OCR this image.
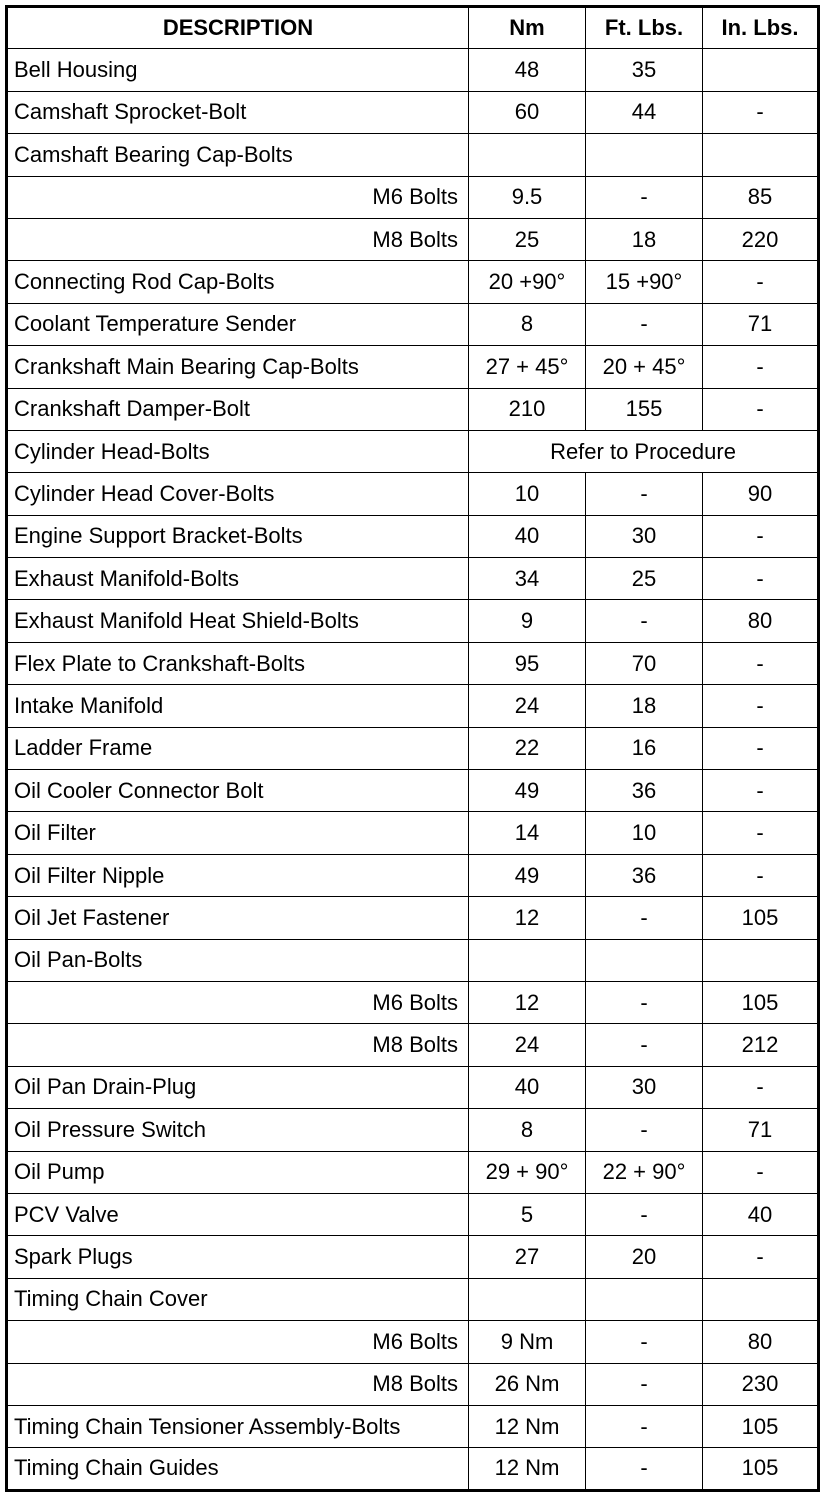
DESCRIPTION	Nm	Ft. Lbs.	In. Lbs.
Bell Housing	48	35	
Camshaft Sprocket-Bolt	60	44	-
Camshaft Bearing Cap-Bolts			
M6 Bolts	9.5	-	85
M8 Bolts	25	18	220
Connecting Rod Cap-Bolts	20 +90°	15 +90°	-
Coolant Temperature Sender	8	-	71
Crankshaft Main Bearing Cap-Bolts	27 + 45°	20 + 45°	-
Crankshaft Damper-Bolt	210	155	-
Cylinder Head-Bolts	Refer to Procedure		
Cylinder Head Cover-Bolts	10	-	90
Engine Support Bracket-Bolts	40	30	-
Exhaust Manifold-Bolts	34	25	-
Exhaust Manifold Heat Shield-Bolts	9	-	80
Flex Plate to Crankshaft-Bolts	95	70	-
Intake Manifold	24	18	-
Ladder Frame	22	16	-
Oil Cooler Connector Bolt	49	36	-
Oil Filter	14	10	-
Oil Filter Nipple	49	36	-
Oil Jet Fastener	12	-	105
Oil Pan-Bolts			
M6 Bolts	12	-	105
M8 Bolts	24	-	212
Oil Pan Drain-Plug	40	30	-
Oil Pressure Switch	8	-	71
Oil Pump	29 + 90°	22 + 90°	-
PCV Valve	5	-	40
Spark Plugs	27	20	-
Timing Chain Cover			
M6 Bolts	9 Nm	-	80
M8 Bolts	26 Nm	-	230
Timing Chain Tensioner Assembly-Bolts	12 Nm	-	105
Timing Chain Guides	12 Nm	-	105
